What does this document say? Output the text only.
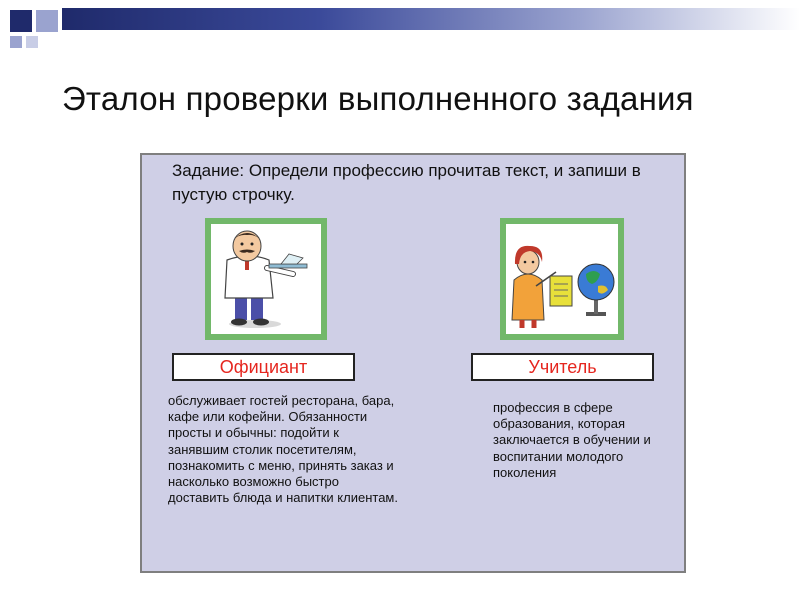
Эталон проверки выполненного задания

Задание: Определи профессию прочитав текст, и запиши в пустую строчку.

Официант	Учитель

обслуживает гостей ресторана, бара, кафе или кофейни. Обязанности просты и обычны: подойти к занявшим столик посетителям, познакомить с меню, принять заказ и насколько возможно быстро доставить блюда и напитки клиентам.

профессия в сфере образования, которая заключается в обучении и воспитании молодого поколения
